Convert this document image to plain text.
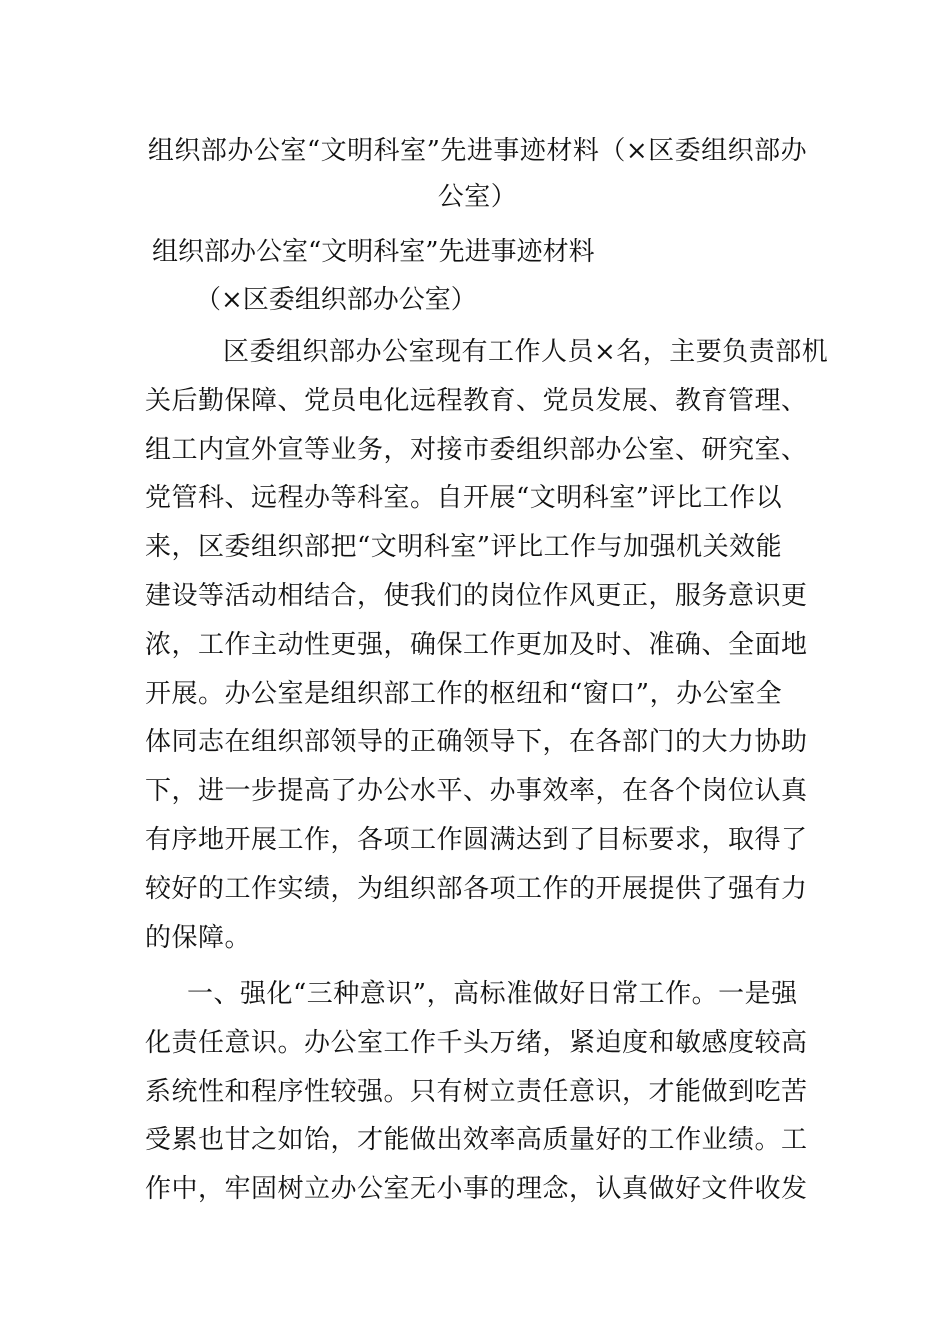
组织部办公室“文明科室”先进事迹材料（×区委组织部办
公室）

组织部办公室“文明科室”先进事迹材料

（×区委组织部办公室）

区委组织部办公室现有工作人员×名，主要负责部机
关后勤保障、党员电化远程教育、党员发展、教育管理、
组工内宣外宣等业务，对接市委组织部办公室、研究室、
党管科、远程办等科室。自开展“文明科室”评比工作以
来，区委组织部把“文明科室”评比工作与加强机关效能
建设等活动相结合，使我们的岗位作风更正，服务意识更
浓，工作主动性更强，确保工作更加及时、准确、全面地
开展。办公室是组织部工作的枢纽和“窗口”，办公室全
体同志在组织部领导的正确领导下，在各部门的大力协助
下，进一步提高了办公水平、办事效率，在各个岗位认真
有序地开展工作，各项工作圆满达到了目标要求，取得了
较好的工作实绩，为组织部各项工作的开展提供了强有力
的保障。

一、强化“三种意识”，高标准做好日常工作。一是强
化责任意识。办公室工作千头万绪，紧迫度和敏感度较高
系统性和程序性较强。只有树立责任意识，才能做到吃苦
受累也甘之如饴，才能做出效率高质量好的工作业绩。工
作中，牢固树立办公室无小事的理念，认真做好文件收发
